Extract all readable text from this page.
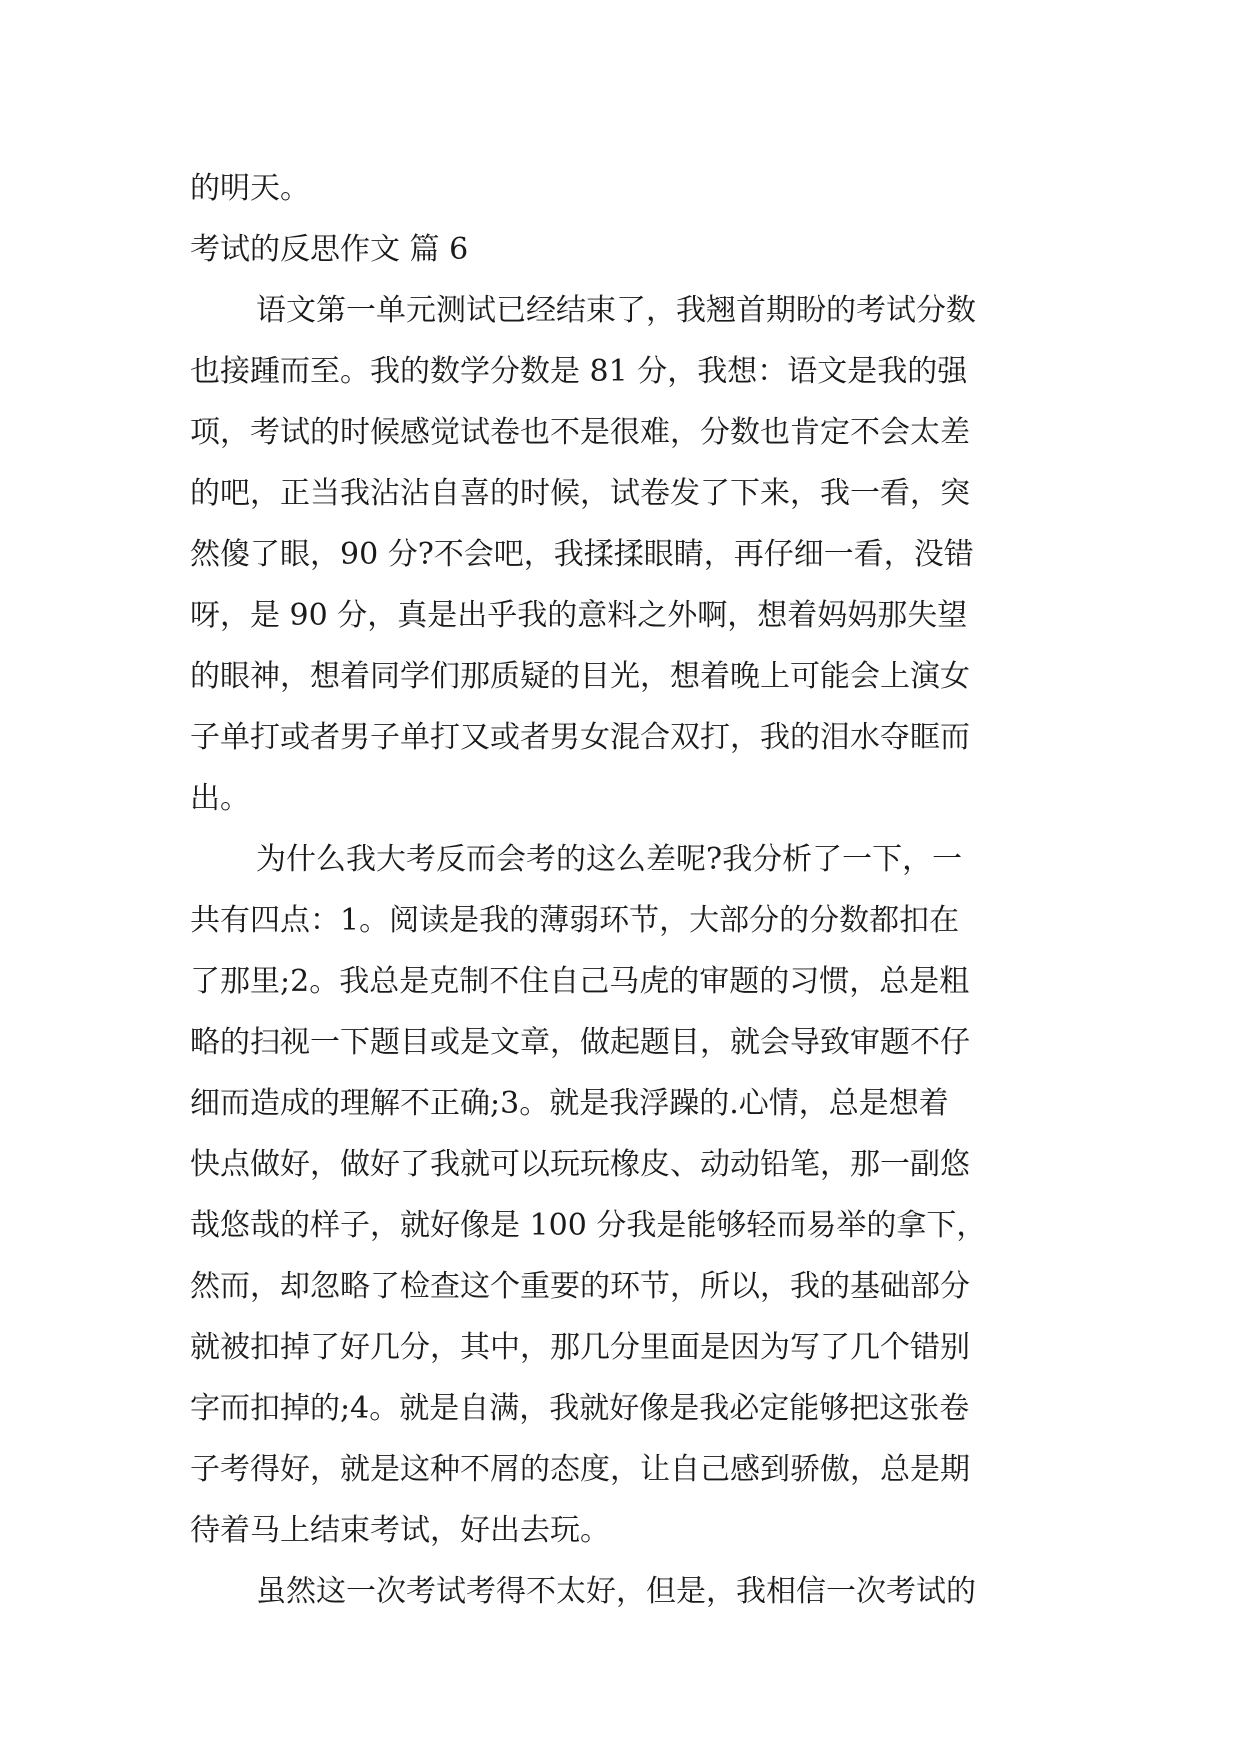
的明天。
考试的反思作文 篇 6
语文第一单元测试已经结束了，我翘首期盼的考试分数
也接踵而至。我的数学分数是 81 分，我想：语文是我的强
项，考试的时候感觉试卷也不是很难，分数也肯定不会太差
的吧，正当我沾沾自喜的时候，试卷发了下来，我一看，突
然傻了眼，90 分?不会吧，我揉揉眼睛，再仔细一看，没错
呀，是 90 分，真是出乎我的意料之外啊，想着妈妈那失望
的眼神，想着同学们那质疑的目光，想着晚上可能会上演女
子单打或者男子单打又或者男女混合双打，我的泪水夺眶而
出。
为什么我大考反而会考的这么差呢?我分析了一下，一
共有四点：1。阅读是我的薄弱环节，大部分的分数都扣在
了那里;2。我总是克制不住自己马虎的审题的习惯，总是粗
略的扫视一下题目或是文章，做起题目，就会导致审题不仔
细而造成的理解不正确;3。就是我浮躁的.心情，总是想着
快点做好，做好了我就可以玩玩橡皮、动动铅笔，那一副悠
哉悠哉的样子，就好像是 100 分我是能够轻而易举的拿下，
然而，却忽略了检查这个重要的环节，所以，我的基础部分
就被扣掉了好几分，其中，那几分里面是因为写了几个错别
字而扣掉的;4。就是自满，我就好像是我必定能够把这张卷
子考得好，就是这种不屑的态度，让自己感到骄傲，总是期
待着马上结束考试，好出去玩。
虽然这一次考试考得不太好，但是，我相信一次考试的
